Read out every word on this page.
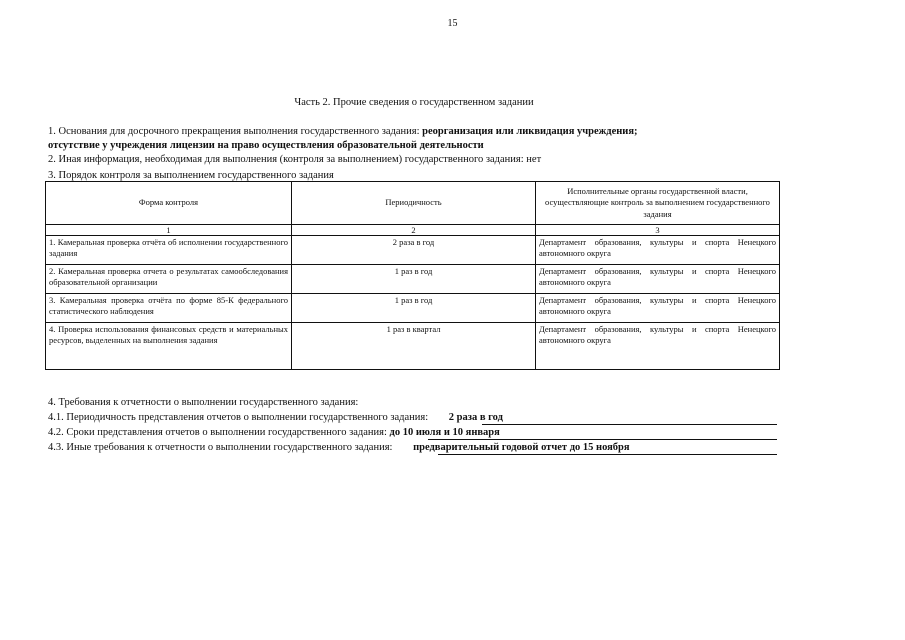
15
Часть 2. Прочие сведения о государственном задании
1. Основания для досрочного прекращения выполнения государственного задания: реорганизация или ликвидация учреждения;
отсутствие у учреждения лицензии на право осуществления образовательной деятельности
2. Иная информация, необходимая для выполнения (контроля за выполнением) государственного задания: нет
3. Порядок контроля за выполнением государственного задания
Форма контроля	Периодичность	Исполнительные органы государственной власти, осуществляющие контроль за выполнением государственного задания
1	2	3
1. Камеральная проверка отчёта об исполнении государственного задания	2 раза в год	Департамент образования, культуры и спорта Ненецкого автономного округа
2. Камеральная проверка отчета о результатах самообследования образовательной организации	1 раз в год	Департамент образования, культуры и спорта Ненецкого автономного округа
3. Камеральная проверка отчёта по форме 85-К федерального статистического наблюдения	1 раз в год	Департамент образования, культуры и спорта Ненецкого автономного округа
4. Проверка использования финансовых средств и материальных ресурсов, выделенных на выполнения задания	1 раз в квартал	Департамент образования, культуры и спорта Ненецкого автономного округа
4. Требования к отчетности о выполнении государственного задания:
4.1. Периодичность представления отчетов о выполнении государственного задания: 2 раза в год
4.2. Сроки представления отчетов о выполнении государственного задания: до 10 июля и 10 января
4.3. Иные требования к отчетности о выполнении государственного задания: предварительный годовой отчет до 15 ноября
